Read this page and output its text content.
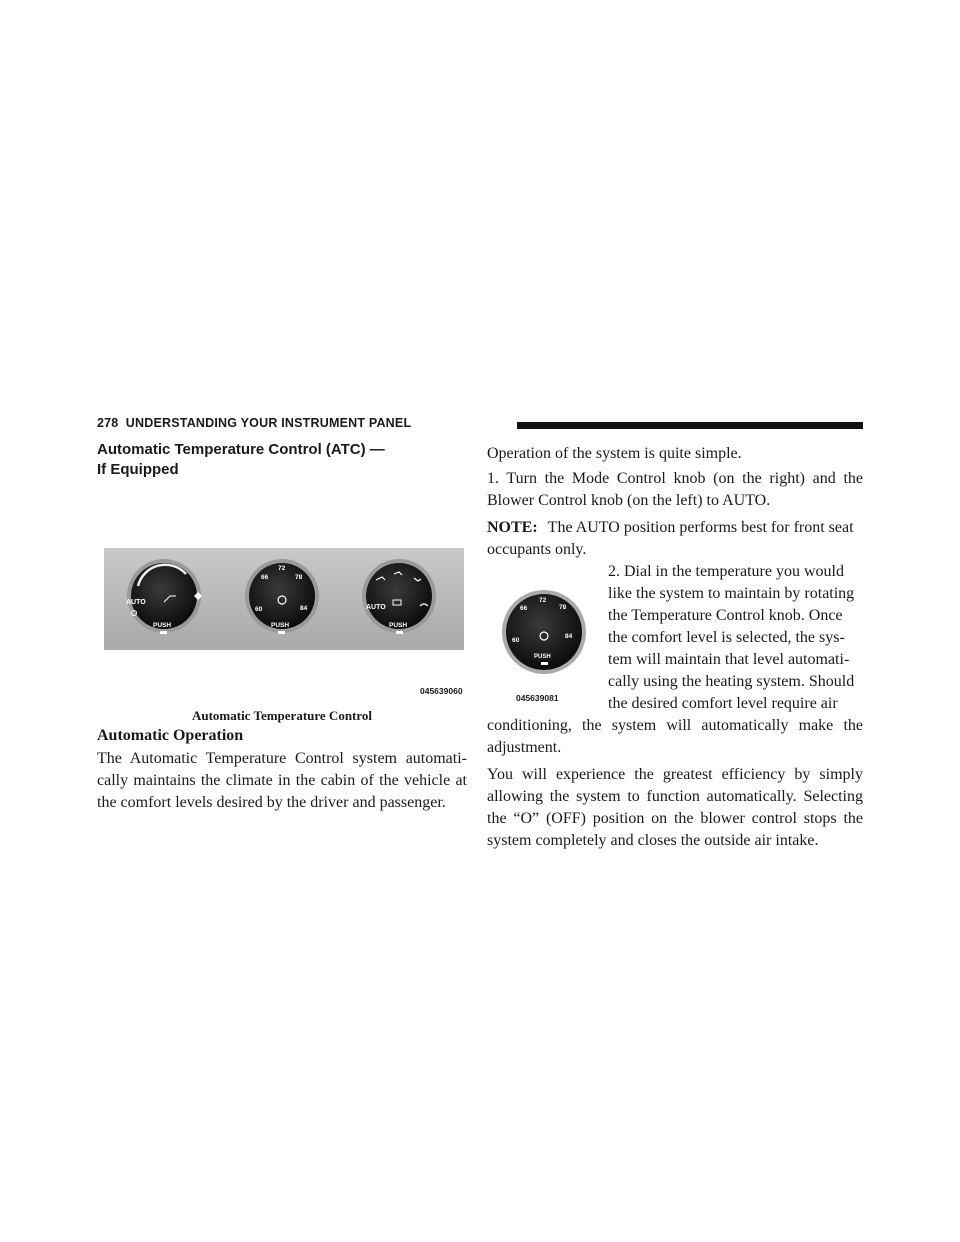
278  UNDERSTANDING YOUR INSTRUMENT PANEL
Automatic Temperature Control (ATC) —
If Equipped
AUTO
PUSH
60
66
72
78
84
PUSH
AUTO
PUSH
045639060
Automatic Temperature Control
Automatic Operation
The Automatic Temperature Control system automati-cally maintains the climate in the cabin of the vehicle at the comfort levels desired by the driver and passenger.
Operation of the system is quite simple.
1. Turn the Mode Control knob (on the right) and the Blower Control knob (on the left) to AUTO.
NOTE: The AUTO position performs best for front seat occupants only.
60
66
72
78
84
PUSH
045639081
2. Dial in the temperature you would
like the system to maintain by rotating
the Temperature Control knob. Once
the comfort level is selected, the sys-
tem will maintain that level automati-
cally using the heating system. Should
the desired comfort level require air
conditioning, the system will automatically make the adjustment.
You will experience the greatest efficiency by simply allowing the system to function automatically. Selecting the “O” (OFF) position on the blower control stops the system completely and closes the outside air intake.
